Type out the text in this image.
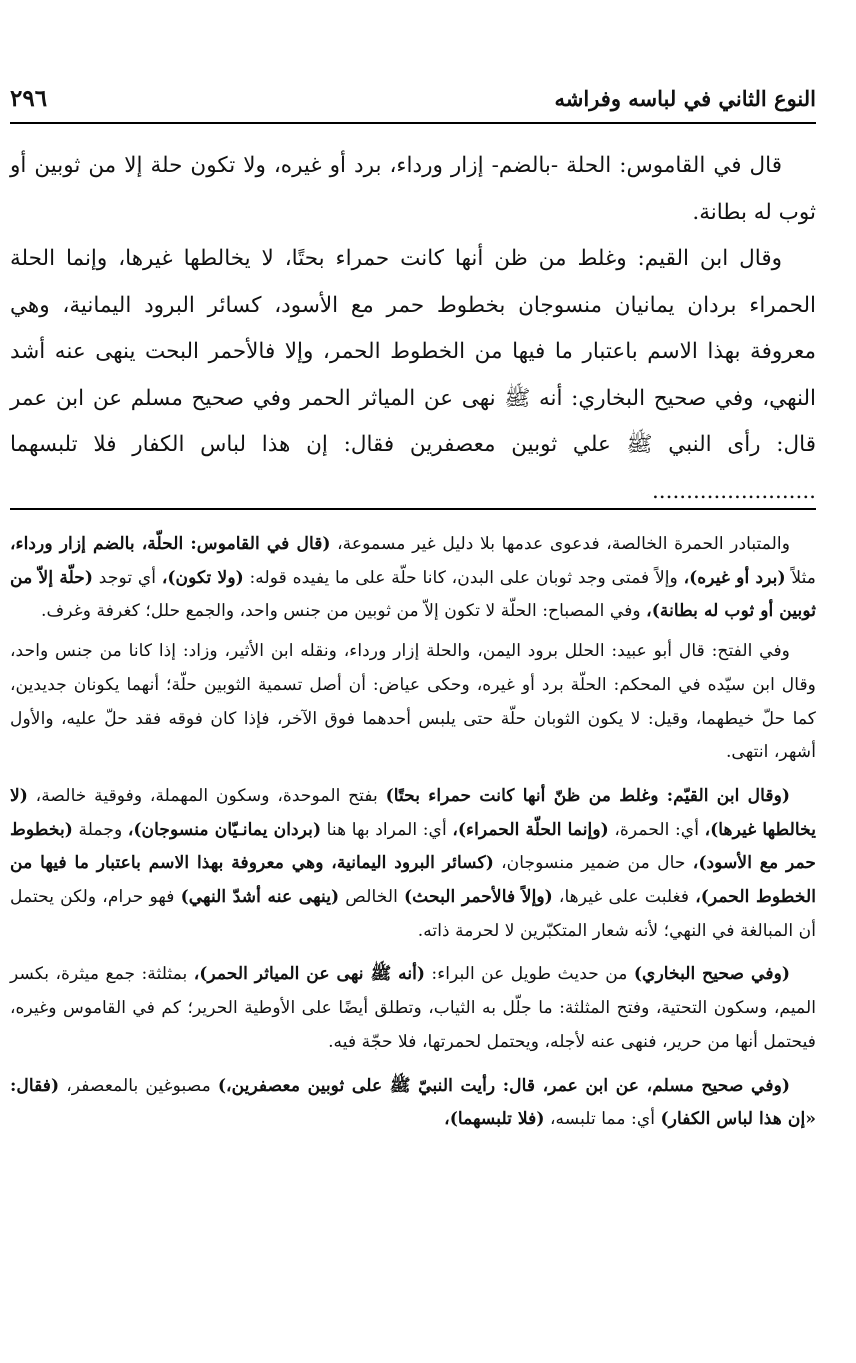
النوع الثاني في لباسه وفراشه
٢٩٦

قال في القاموس: الحلة -بالضم- إزار ورداء، برد أو غيره، ولا تكون حلة إلا من ثوبين أو ثوب له بطانة.

وقال ابن القيم: وغلط من ظن أنها كانت حمراء بحتًا، لا يخالطها غيرها، وإنما الحلة الحمراء بردان يمانيان منسوجان بخطوط حمر مع الأسود، كسائر البرود اليمانية، وهي معروفة بهذا الاسم باعتبار ما فيها من الخطوط الحمر، وإلا فالأحمر البحت ينهى عنه أشد النهي، وفي صحيح البخاري: أنه ﷺ نهى عن المياثر الحمر وفي صحيح مسلم عن ابن عمر قال: رأى النبي ﷺ علي ثوبين معصفرين فقال: إن هذا لباس الكفار فلا تلبسهما ........................

والمتبادر الحمرة الخالصة، فدعوى عدمها بلا دليل غير مسموعة، (قال في القاموس: الحلّة، بالضم إزار ورداء، مثلاً (برد أو غيره)، وإلاً فمتى وجد ثوبان على البدن، كانا حلّة على ما يفيده قوله: (ولا تكون)، أي توجد (حلّة إلاّ من ثوبين أو ثوب له بطانة)، وفي المصباح: الحلّة لا تكون إلاّ من ثوبين من جنس واحد، والجمع حلل؛ كغرفة وغرف.

وفي الفتح: قال أبو عبيد: الحلل برود اليمن، والحلة إزار ورداء، ونقله ابن الأثير، وزاد: إذا كانا من جنس واحد، وقال ابن سيّده في المحكم: الحلّة برد أو غيره، وحكى عياض: أن أصل تسمية الثوبين حلّة؛ أنهما يكونان جديدين، كما حلّ خيطهما، وقيل: لا يكون الثوبان حلّة حتى يلبس أحدهما فوق الآخر، فإذا كان فوقه فقد حلّ عليه، والأول أشهر، انتهى.

(وقال ابن القيّم: وغلط من ظنّ أنها كانت حمراء بحتًا) بفتح الموحدة، وسكون المهملة، وفوقية خالصة، (لا يخالطها غيرها)، أي: الحمرة، (وإنما الحلّة الحمراء)، أي: المراد بها هنا (بردان يمانـيّان منسوجان)، وجملة (بخطوط حمر مع الأسود)، حال من ضمير منسوجان، (كسائر البرود اليمانية، وهي معروفة بهذا الاسم باعتبار ما فيها من الخطوط الحمر)، فغلبت على غيرها، (وإلاً فالأحمر البحث) الخالص (ينهى عنه أشدّ النهي) فهو حرام، ولكن يحتمل أن المبالغة في النهي؛ لأنه شعار المتكبّرين لا لحرمة ذاته.

(وفي صحيح البخاري) من حديث طويل عن البراء: (أنه ﷺ نهى عن المياثر الحمر)، بمثلثة: جمع ميثرة، بكسر الميم، وسكون التحتية، وفتح المثلثة: ما جلّل به الثياب، وتطلق أيضًا على الأوطية الحرير؛ كم في القاموس وغيره، فيحتمل أنها من حرير، فنهى عنه لأجله، ويحتمل لحمرتها، فلا حجّة فيه.

(وفي صحيح مسلم، عن ابن عمر، قال: رأيت النبيّ ﷺ على ثوبين معصفرين،) مصبوغين بالمعصفر، (فقال: «إن هذا لباس الكفار) أي: مما تلبسه، (فلا تلبسهما)،
